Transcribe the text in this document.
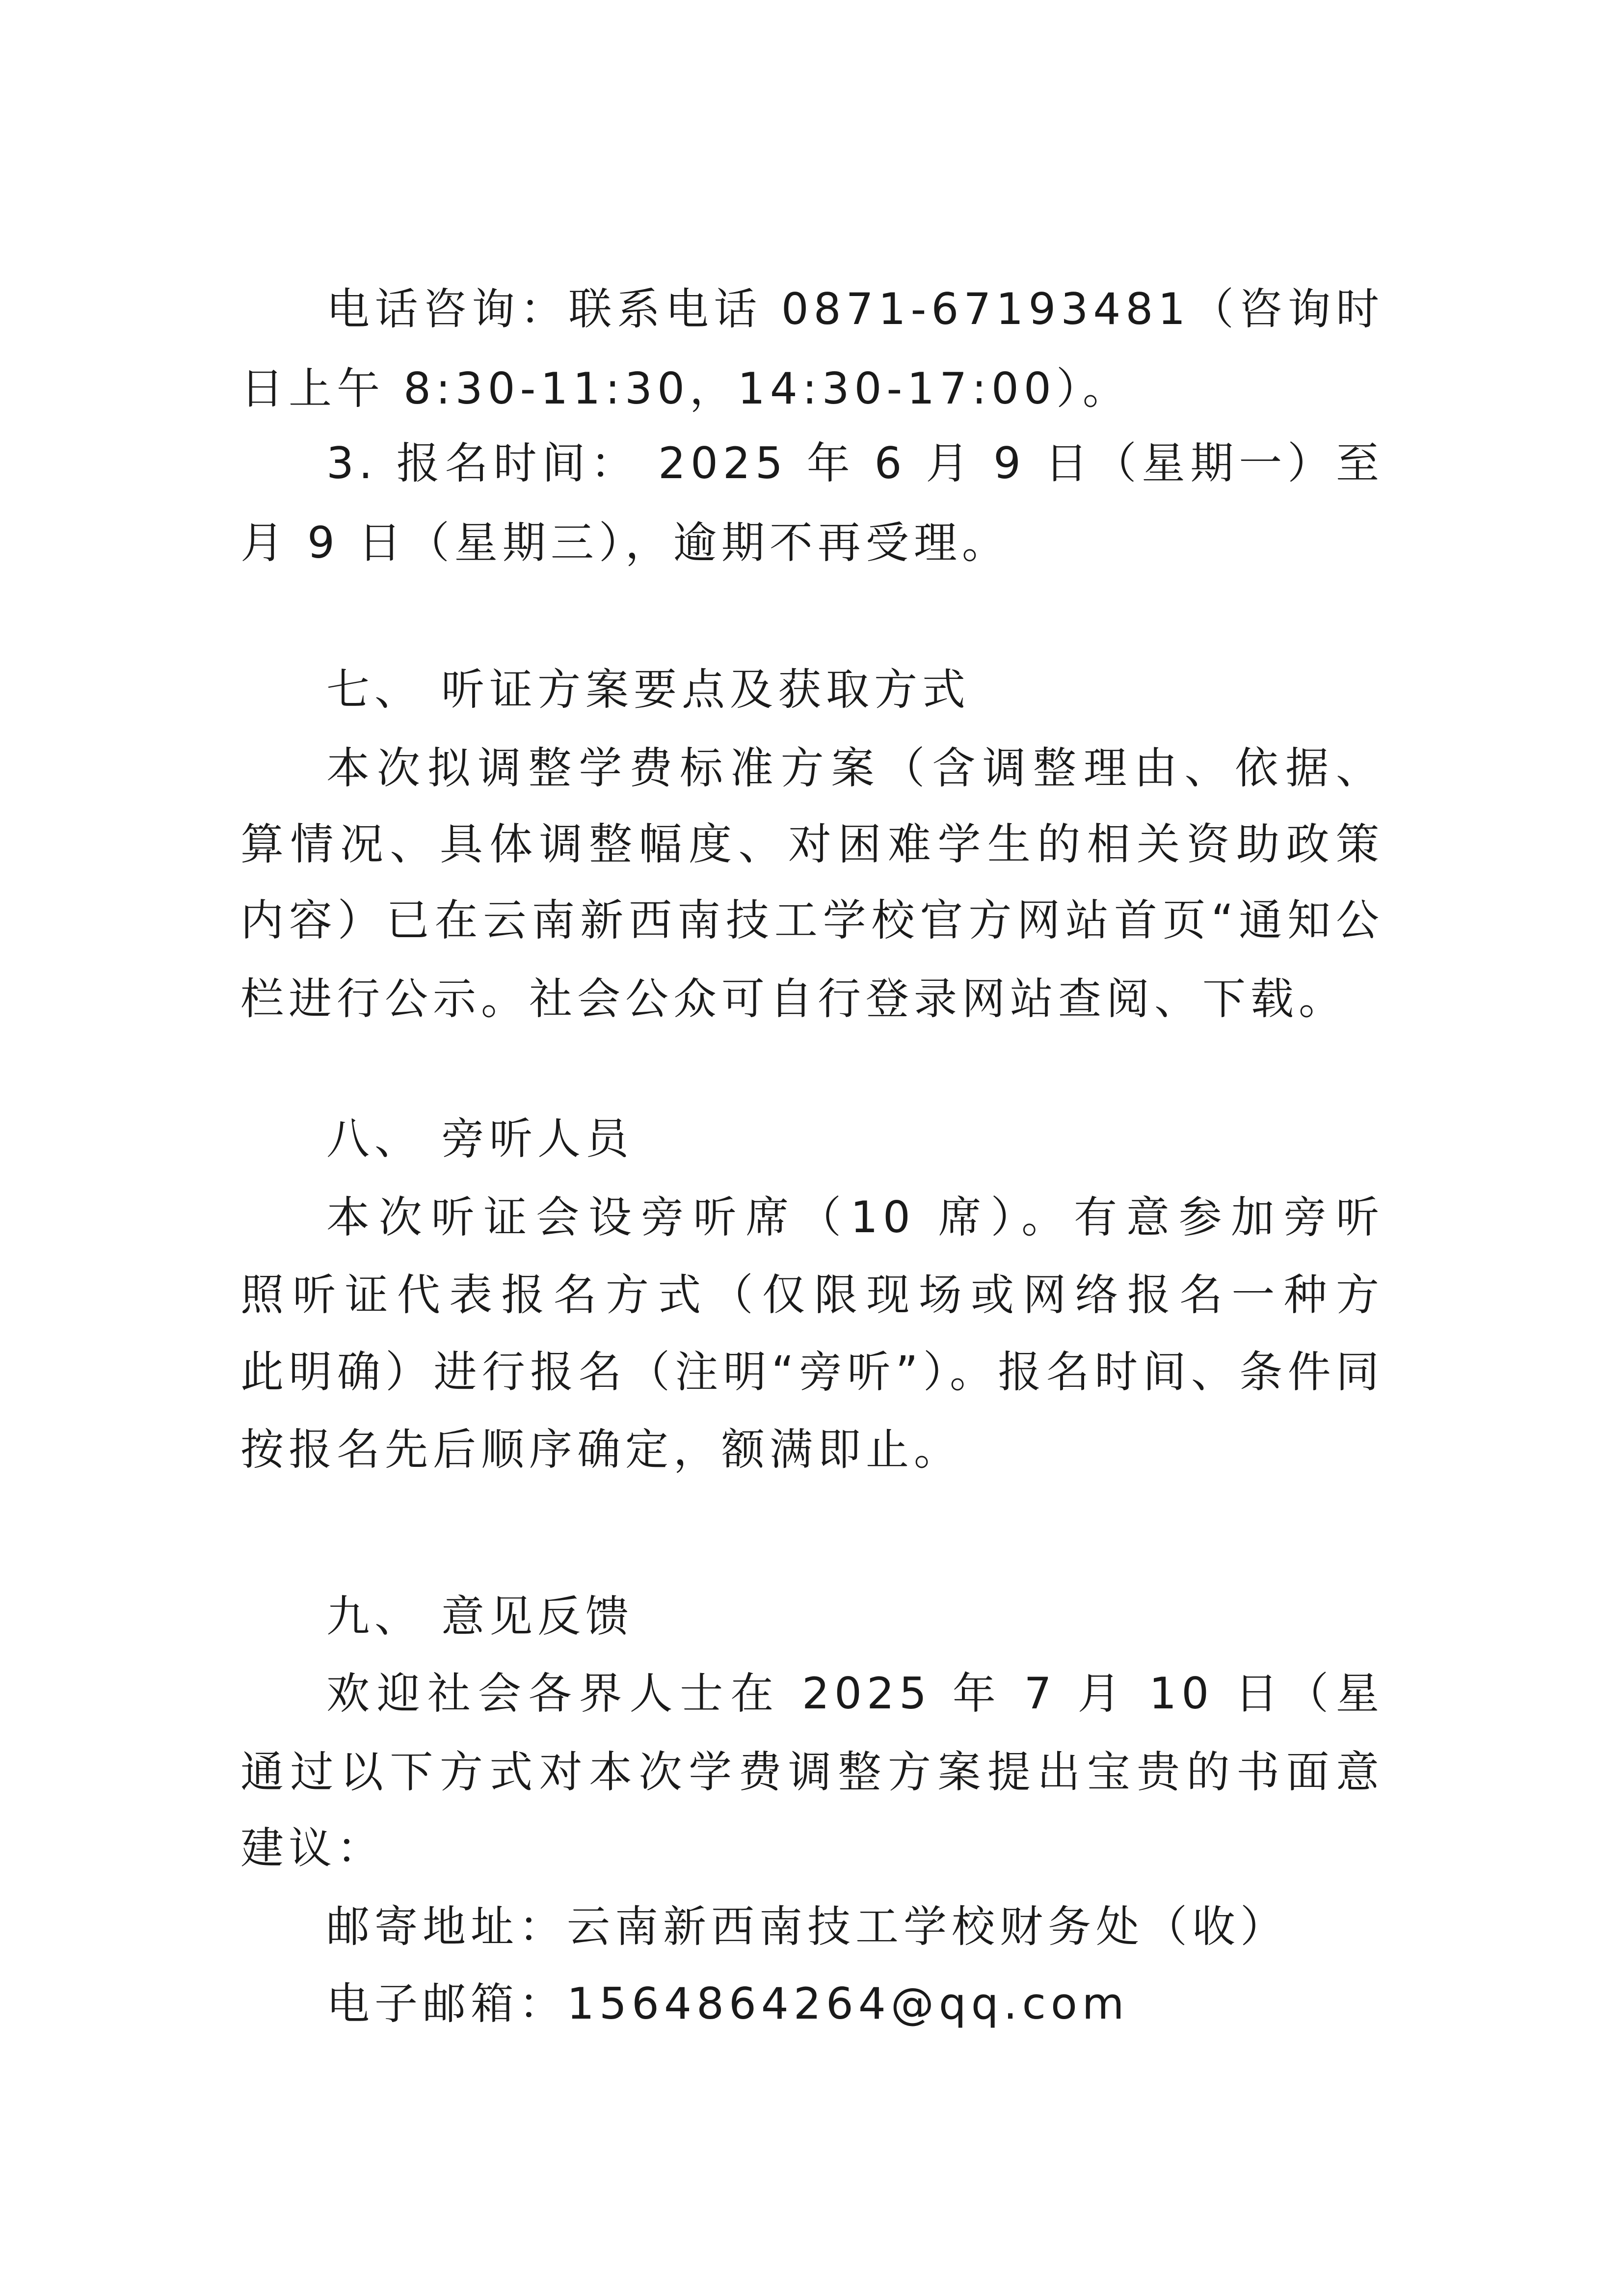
电话咨询：联系电话 0871-67193481（咨询时

日上午 8:30-11:30，14:30-17:00）。

3. 报名时间： 2025 年 6 月 9 日（星期一）至

月 9 日（星期三），逾期不再受理。

七、 听证方案要点及获取方式

本次拟调整学费标准方案（含调整理由、依据、

算情况、具体调整幅度、对困难学生的相关资助政策

内容）已在云南新西南技工学校官方网站首页“通知公

栏进行公示。社会公众可自行登录网站查阅、下载。

八、 旁听人员

本次听证会设旁听席（10 席）。有意参加旁听

照听证代表报名方式（仅限现场或网络报名一种方

此明确）进行报名（注明“旁听”）。报名时间、条件同

按报名先后顺序确定，额满即止。

九、 意见反馈

欢迎社会各界人士在 2025 年 7 月 10 日（星

通过以下方式对本次学费调整方案提出宝贵的书面意

建议：

邮寄地址：云南新西南技工学校财务处（收）

电子邮箱：1564864264@qq.com
